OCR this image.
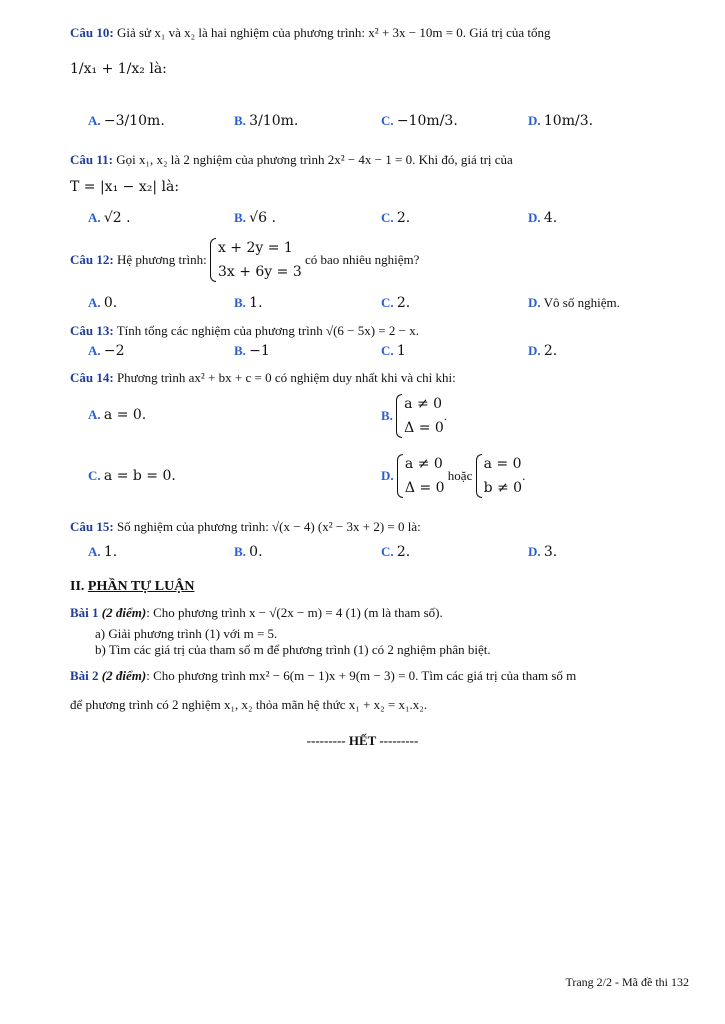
Câu 10: Giả sử x₁ và x₂ là hai nghiệm của phương trình: x² + 3x − 10m = 0. Giá trị của tổng
1/x₁ + 1/x₂ là:
A. −3/10m.	B. 3/10m.	C. −10m/3.	D. 10m/3.
Câu 11: Gọi x₁, x₂ là 2 nghiệm của phương trình 2x² − 4x − 1 = 0. Khi đó, giá trị của
T = |x₁ − x₂| là:
A. √2 .	B. √6 .	C. 2.	D. 4.
Câu 12: Hệ phương trình:
x + 2y = 1
3x + 6y = 3
có bao nhiêu nghiệm?
A. 0.	B. 1.	C. 2.	D. Vô số nghiệm.
Câu 13: Tính tổng các nghiệm của phương trình √(6 − 5x) = 2 − x.
A. −2	B. −1	C. 1	D. 2.
Câu 14: Phương trình ax² + bx + c = 0 có nghiệm duy nhất khi và chỉ khi:
A. a = 0.	B.
a ≠ 0
Δ = 0
.
C. a = b = 0.	D.
a ≠ 0
Δ = 0
hoặc
a = 0
b ≠ 0
.
Câu 15: Số nghiệm của phương trình: √(x − 4) (x² − 3x + 2) = 0 là:
A. 1.	B. 0.	C. 2.	D. 3.
II. PHẦN TỰ LUẬN
Bài 1 (2 điểm): Cho phương trình x − √(2x − m) = 4 (1) (m là tham số).
a) Giải phương trình (1) với m = 5.
b) Tìm các giá trị của tham số m để phương trình (1) có 2 nghiệm phân biệt.
Bài 2 (2 điểm): Cho phương trình mx² − 6(m − 1)x + 9(m − 3) = 0. Tìm các giá trị của tham số m
để phương trình có 2 nghiệm x₁, x₂ thỏa mãn hệ thức x₁ + x₂ = x₁.x₂.
--------- HẾT ---------
Trang 2/2 - Mã đề thi 132
